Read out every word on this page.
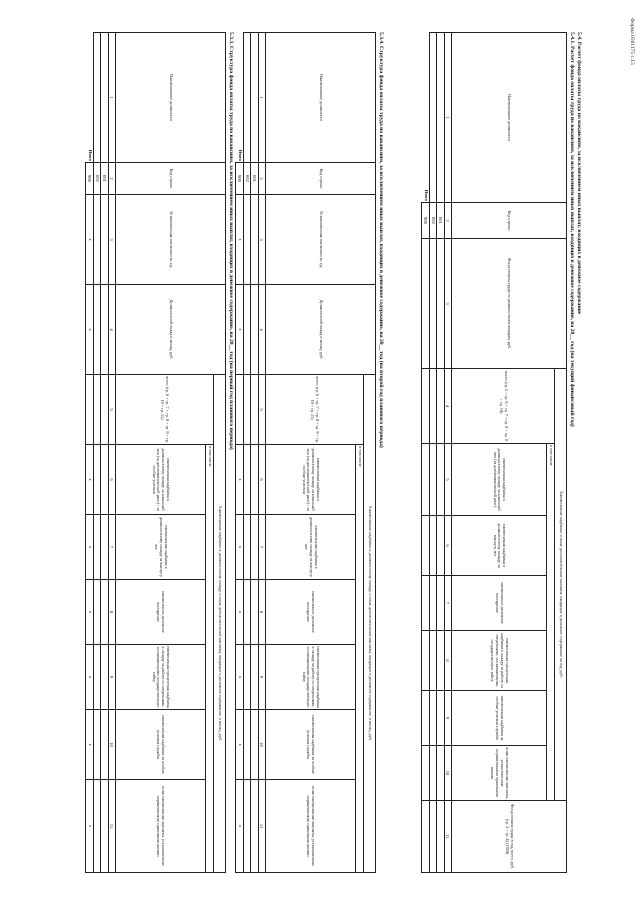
Форма 0501175 с.15
5.3.3. Структура фонда оплаты труда по вакансиям, за исключением иных выплат, входящих в денежное содержание, на 20__ год (на первый год планового периода)
Наименование должности	Код строки	Установленная численность, ед.	Должностной оклад в месяц, руб.	Ежемесячные надбавки к должностному окладу и иные дополнительные выплаты, входящие в денежное содержание, в месяц, руб.						
				всего (гр. 6 + гр. 7 + гр. 8 + гр. 9 + гр. 10 + гр. 11)	в том числе					
					ежемесячная надбавка к должностному окладу за классный чин (за дипломатический ранг) / за особые условия	ежемесячная надбавка к должностному окладу за выслугу лет	ежемесячное денежное поощрение	ежемесячная процентная надбавка к окладу за работу со сведениями, составляющими государственную тайну	ежемесячная надбавка за особые условия службы	иные ежемесячные выплаты, установленные нормативными правовыми актами
1	2	3	4	5	6	7	8	9	10	11
	001									
	002									
Итого	900	x	x		x	x	x	x	x	x
5.3.4. Структура фонда оплаты труда по вакансиям, за исключением иных выплат, входящих в денежное содержание, на 20__ год (на второй год планового периода)
Наименование должности	Код строки	Установленная численность, ед.	Должностной оклад в месяц, руб.	Ежемесячные надбавки к должностному окладу и иные дополнительные выплаты, входящие в денежное содержание, в месяц, руб.						
				всего (гр. 6 + гр. 7 + гр. 8 + гр. 9 + гр. 10 + гр. 11)	в том числе					
					ежемесячная надбавка к должностному окладу за классный чин (за дипломатический ранг) / за особые условия	ежемесячная надбавка к должностному окладу за выслугу лет	ежемесячное денежное поощрение	ежемесячная процентная надбавка к окладу за работу со сведениями, составляющими государственную тайну	ежемесячная надбавка за особые условия службы	иные ежемесячные выплаты, установленные нормативными правовыми актами
1	2	3	4	5	6	7	8	9	10	11
	001									
	002									
Итого	900	x	x		x	x	x	x	x	x
5.4. Расчет фонда оплаты труда по вакансиям, за исключением иных выплат, входящих в денежное содержание
5.4.1. Расчет фонда оплаты труда по вакансиям, за исключением иных выплат, входящих в денежное содержание, на 20__ год (на текущий финансовый год)
Наименование должности	Код строки	Фонд оплаты труда по должностным окладам, руб.	Ежемесячные надбавки и иные дополнительные выплаты, входящие в денежное содержание за год, руб.							Фонд оплаты труда в год, всего, руб. (гр. 3 + гр. 4) (1950)
			всего (гр. 5 + гр. 6 + гр. 7 + гр. 8 + гр. 9 + гр. 10)	в том числе						
				ежемесячная надбавка к должностному окладу за классный чин (за дипломатический ранг)	ежемесячная надбавка к должностному окладу за выслугу лет	ежемесячное денежное поощрение	ежемесячная процентная надбавка к окладу за работу со сведениями, составляющими государственную тайну	ежемесячная надбавка за особые условия службы	иные ежемесячные выплаты, установленные нормативными правовыми актами	
1	2	3	4	5	6	7	8	9	10	11
	001									
	002									
Итого	900									
